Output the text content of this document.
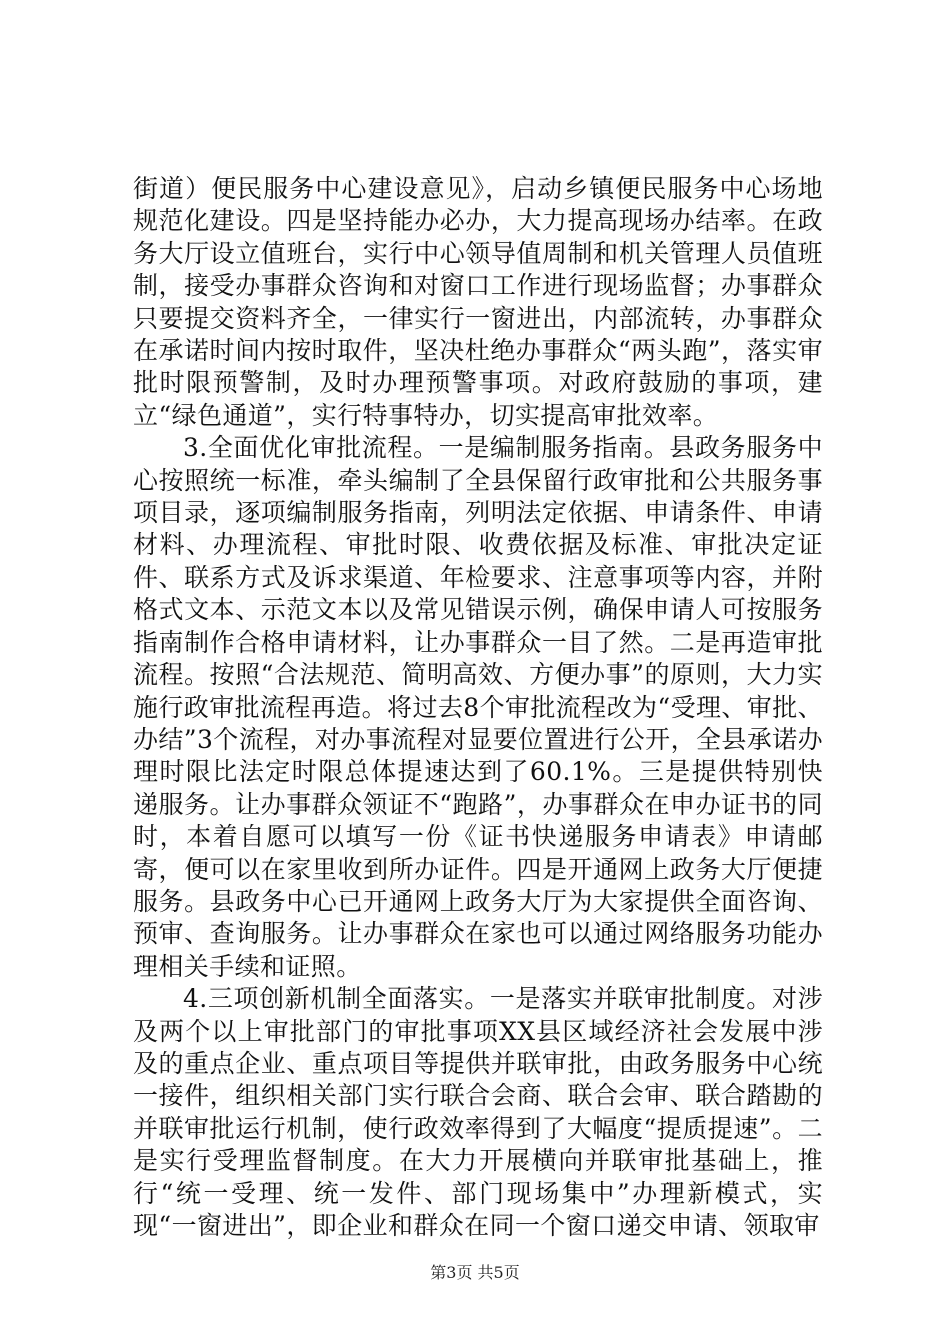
街道）便民服务中心建设意见》，启动乡镇便民服务中心场地规范化建设。四是坚持能办必办，大力提高现场办结率。在政务大厅设立值班台，实行中心领导值周制和机关管理人员值班制，接受办事群众咨询和对窗口工作进行现场监督；办事群众只要提交资料齐全，一律实行一窗进出，内部流转，办事群众在承诺时间内按时取件，坚决杜绝办事群众“两头跑”，落实审批时限预警制，及时办理预警事项。对政府鼓励的事项，建立“绿色通道”，实行特事特办，切实提高审批效率。

3.全面优化审批流程。一是编制服务指南。县政务服务中心按照统一标准，牵头编制了全县保留行政审批和公共服务事项目录，逐项编制服务指南，列明法定依据、申请条件、申请材料、办理流程、审批时限、收费依据及标准、审批决定证件、联系方式及诉求渠道、年检要求、注意事项等内容，并附格式文本、示范文本以及常见错误示例，确保申请人可按服务指南制作合格申请材料，让办事群众一目了然。二是再造审批流程。按照“合法规范、简明高效、方便办事”的原则，大力实施行政审批流程再造。将过去8个审批流程改为“受理、审批、办结”3个流程，对办事流程对显要位置进行公开，全县承诺办理时限比法定时限总体提速达到了60.1%。三是提供特别快递服务。让办事群众领证不“跑路”，办事群众在申办证书的同时，本着自愿可以填写一份《证书快递服务申请表》申请邮寄，便可以在家里收到所办证件。四是开通网上政务大厅便捷服务。县政务中心已开通网上政务大厅为大家提供全面咨询、预审、查询服务。让办事群众在家也可以通过网络服务功能办理相关手续和证照。

4.三项创新机制全面落实。一是落实并联审批制度。对涉及两个以上审批部门的审批事项XX县区域经济社会发展中涉及的重点企业、重点项目等提供并联审批，由政务服务中心统一接件，组织相关部门实行联合会商、联合会审、联合踏勘的并联审批运行机制，使行政效率得到了大幅度“提质提速”。二是实行受理监督制度。在大力开展横向并联审批基础上，推行“统一受理、统一发件、部门现场集中”办理新模式，实现“一窗进出”，即企业和群众在同一个窗口递交申请、领取审

第3页 共5页
